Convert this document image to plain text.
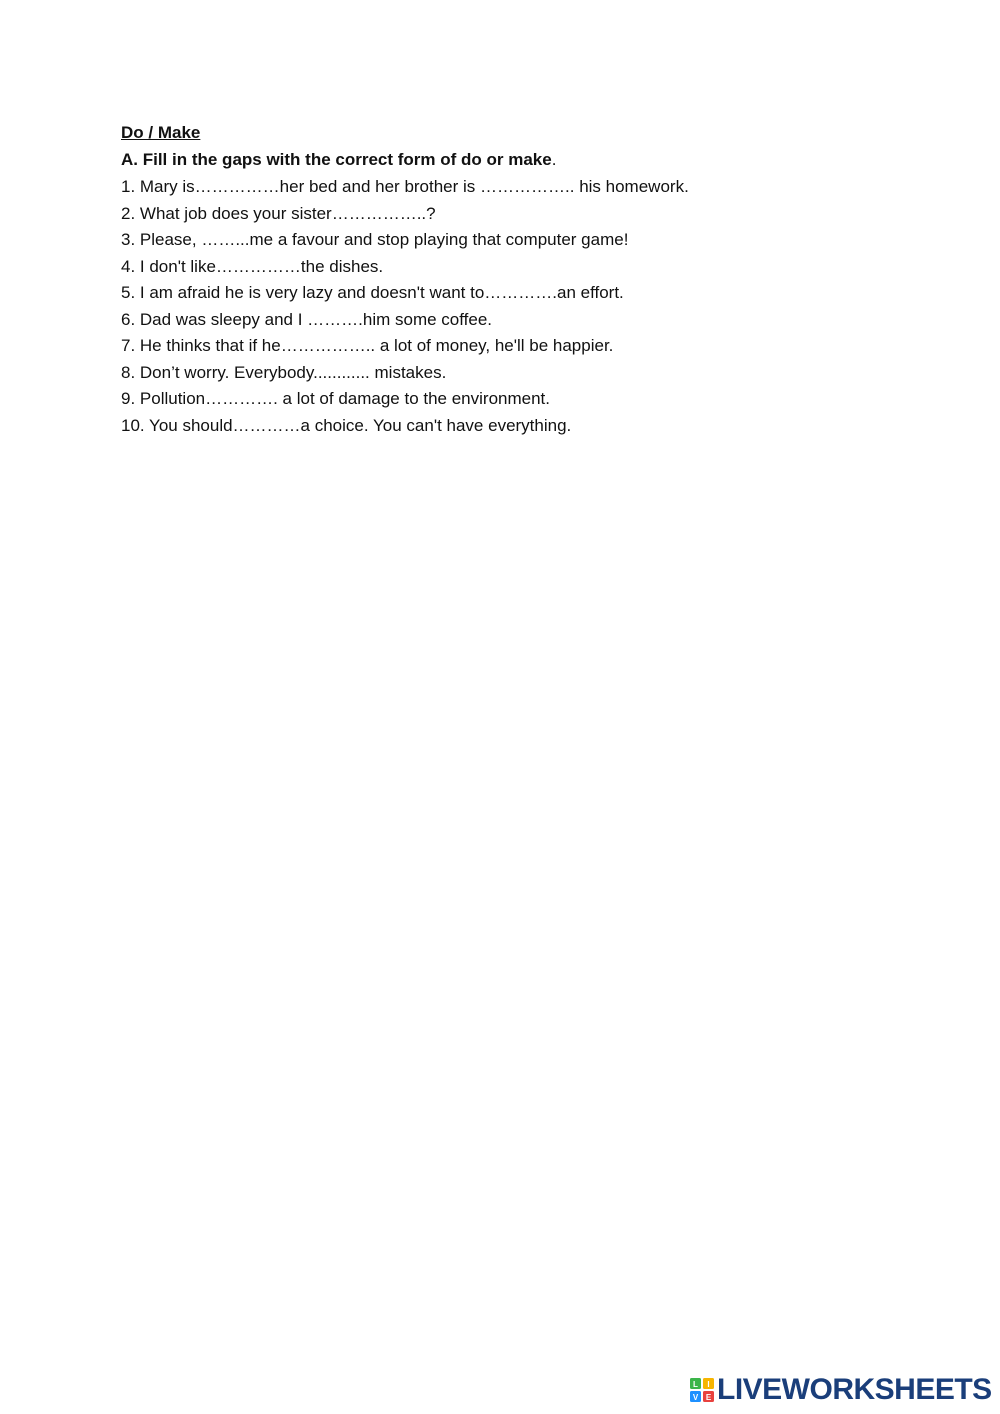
Do / Make
A. Fill in the gaps with the correct form of do or make.
1. Mary is……………her bed and her brother is …………….. his homework.
2. What job does your sister……………..?
3. Please, ……...me a favour and stop playing that computer game!
4. I don't like……………the dishes.
5. I am afraid he is very lazy and doesn't want to………….an effort.
6. Dad was sleepy and I ……….him some coffee.
7. He thinks that if he…………….. a lot of money, he'll be happier.
8. Don’t worry. Everybody............ mistakes.
9. Pollution…………. a lot of damage to the environment.
10. You should…………a choice. You can't have everything.
L I
V E LIVEWORKSHEETS
